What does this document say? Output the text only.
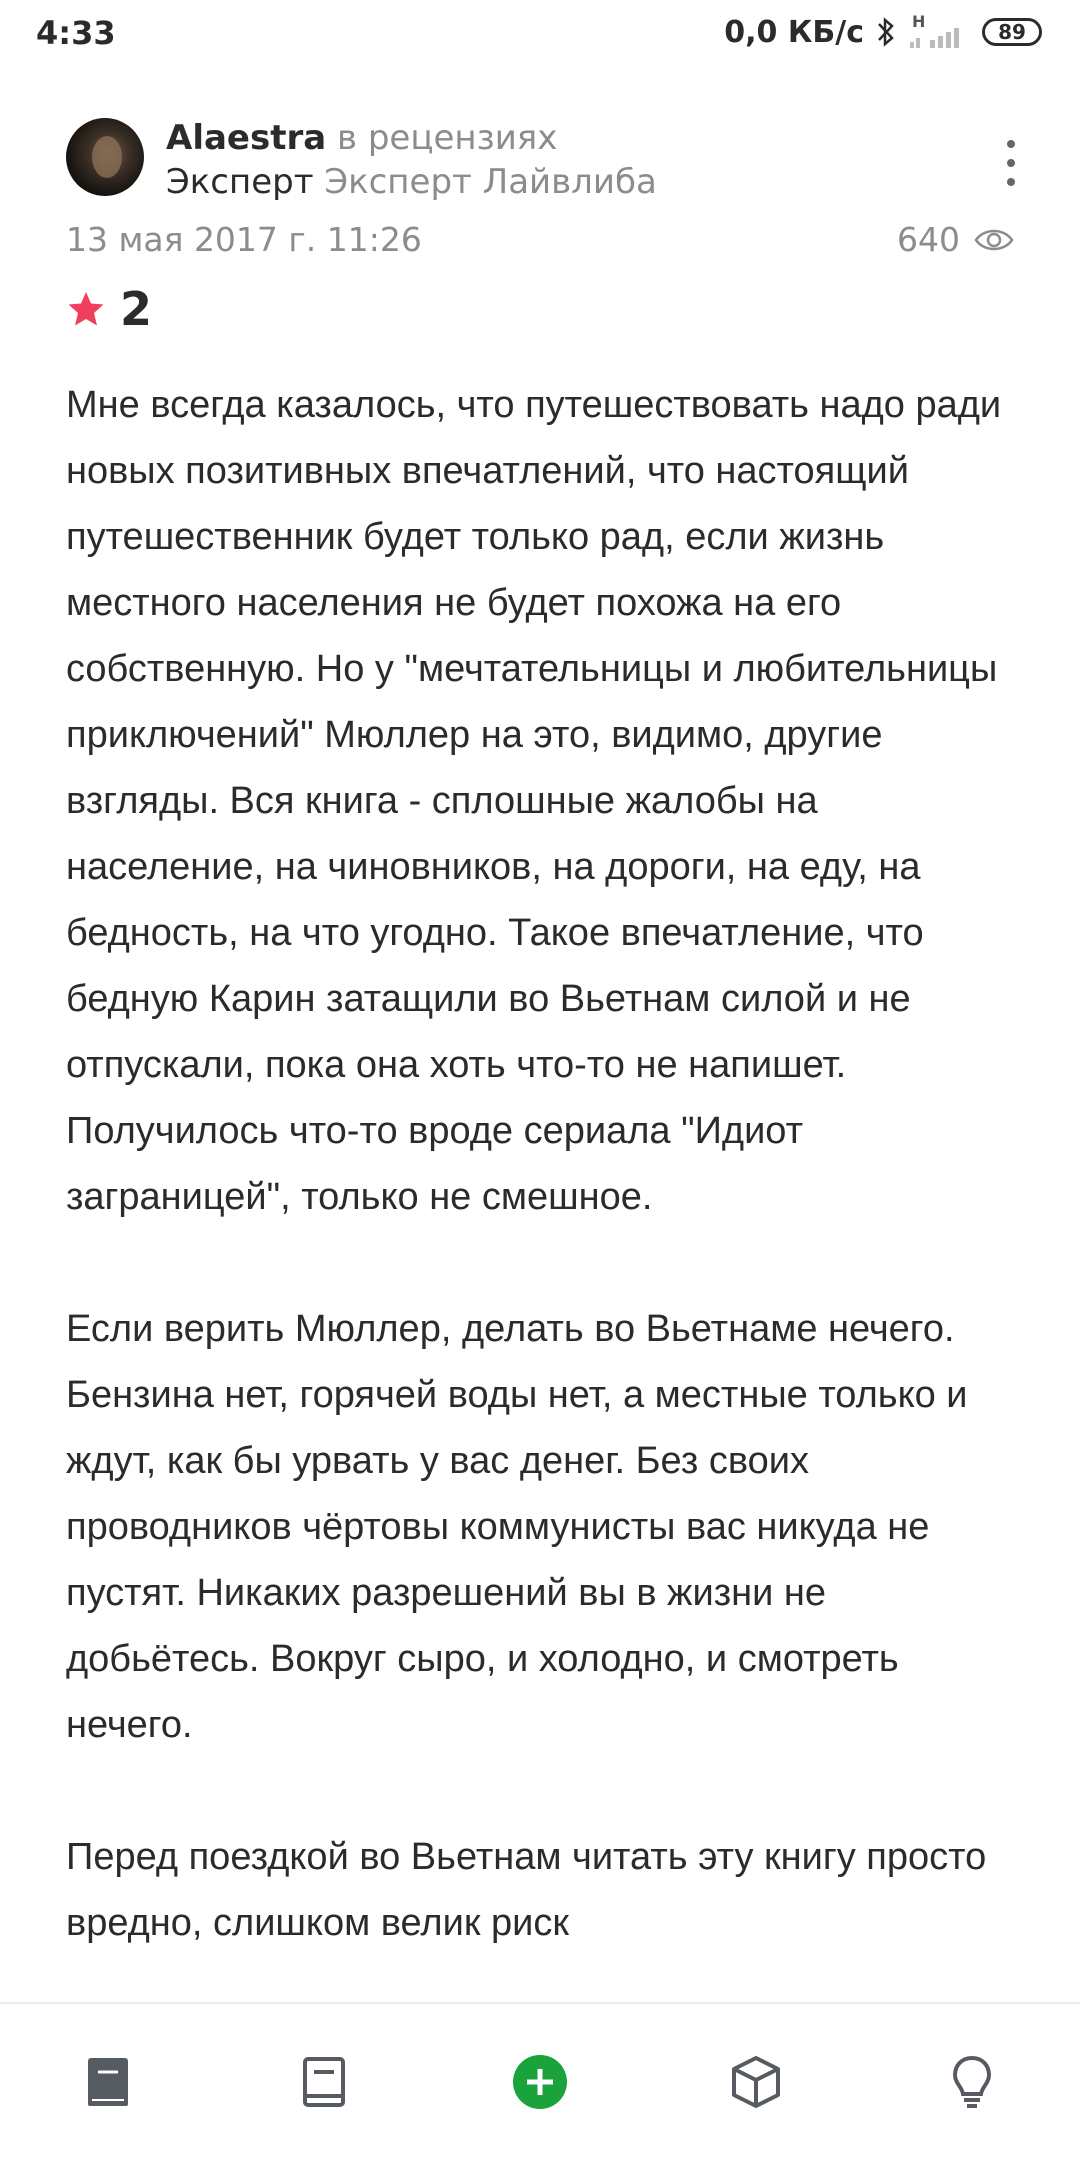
4:33	0,0 КБ/с	H	89
Alaestra в рецензиях
Эксперт Эксперт Лайвлиба
13 мая 2017 г. 11:26	640
2

Мне всегда казалось, что путешествовать надо ради новых позитивных впечатлений, что настоящий путешественник будет только рад, если жизнь местного населения не будет похожа на его собственную. Но у "мечтательницы и любительницы приключений" Мюллер на это, видимо, другие взгляды. Вся книга - сплошные жалобы на население, на чиновников, на дороги, на еду, на бедность, на что угодно. Такое впечатление, что бедную Карин затащили во Вьетнам силой и не отпускали, пока она хоть что-то не напишет. Получилось что-то вроде сериала "Идиот заграницей", только не смешное.

Если верить Мюллер, делать во Вьетнаме нечего. Бензина нет, горячей воды нет, а местные только и ждут, как бы урвать у вас денег. Без своих проводников чёртовы коммунисты вас никуда не пустят. Никаких разрешений вы в жизни не добьётесь. Вокруг сыро, и холодно, и смотреть нечего.

Перед поездкой во Вьетнам читать эту книгу просто вредно, слишком велик риск
